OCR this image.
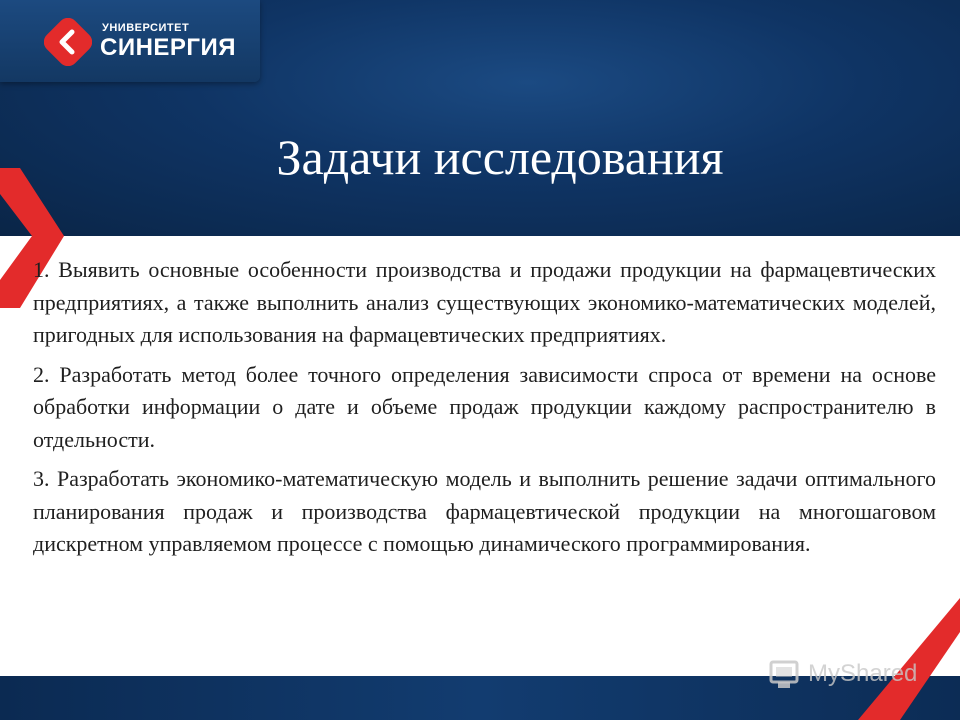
УНИВЕРСИТЕТ
СИНЕРГИЯ
Задачи исследования

1. Выявить основные особенности производства и продажи продукции на фармацевтических предприятиях, а также выполнить анализ существующих экономико-математических моделей, пригодных для использования на фармацевтических предприятиях.

2. Разработать метод более точного определения зависимости спроса от времени на основе обработки информации о дате и объеме продаж продукции каждому распространителю в отдельности.

3. Разработать экономико-математическую модель и выполнить решение задачи оптимального планирования продаж и производства фармацевтической продукции на многошаговом дискретном управляемом процессе с помощью динамического программирования.

MyShared
